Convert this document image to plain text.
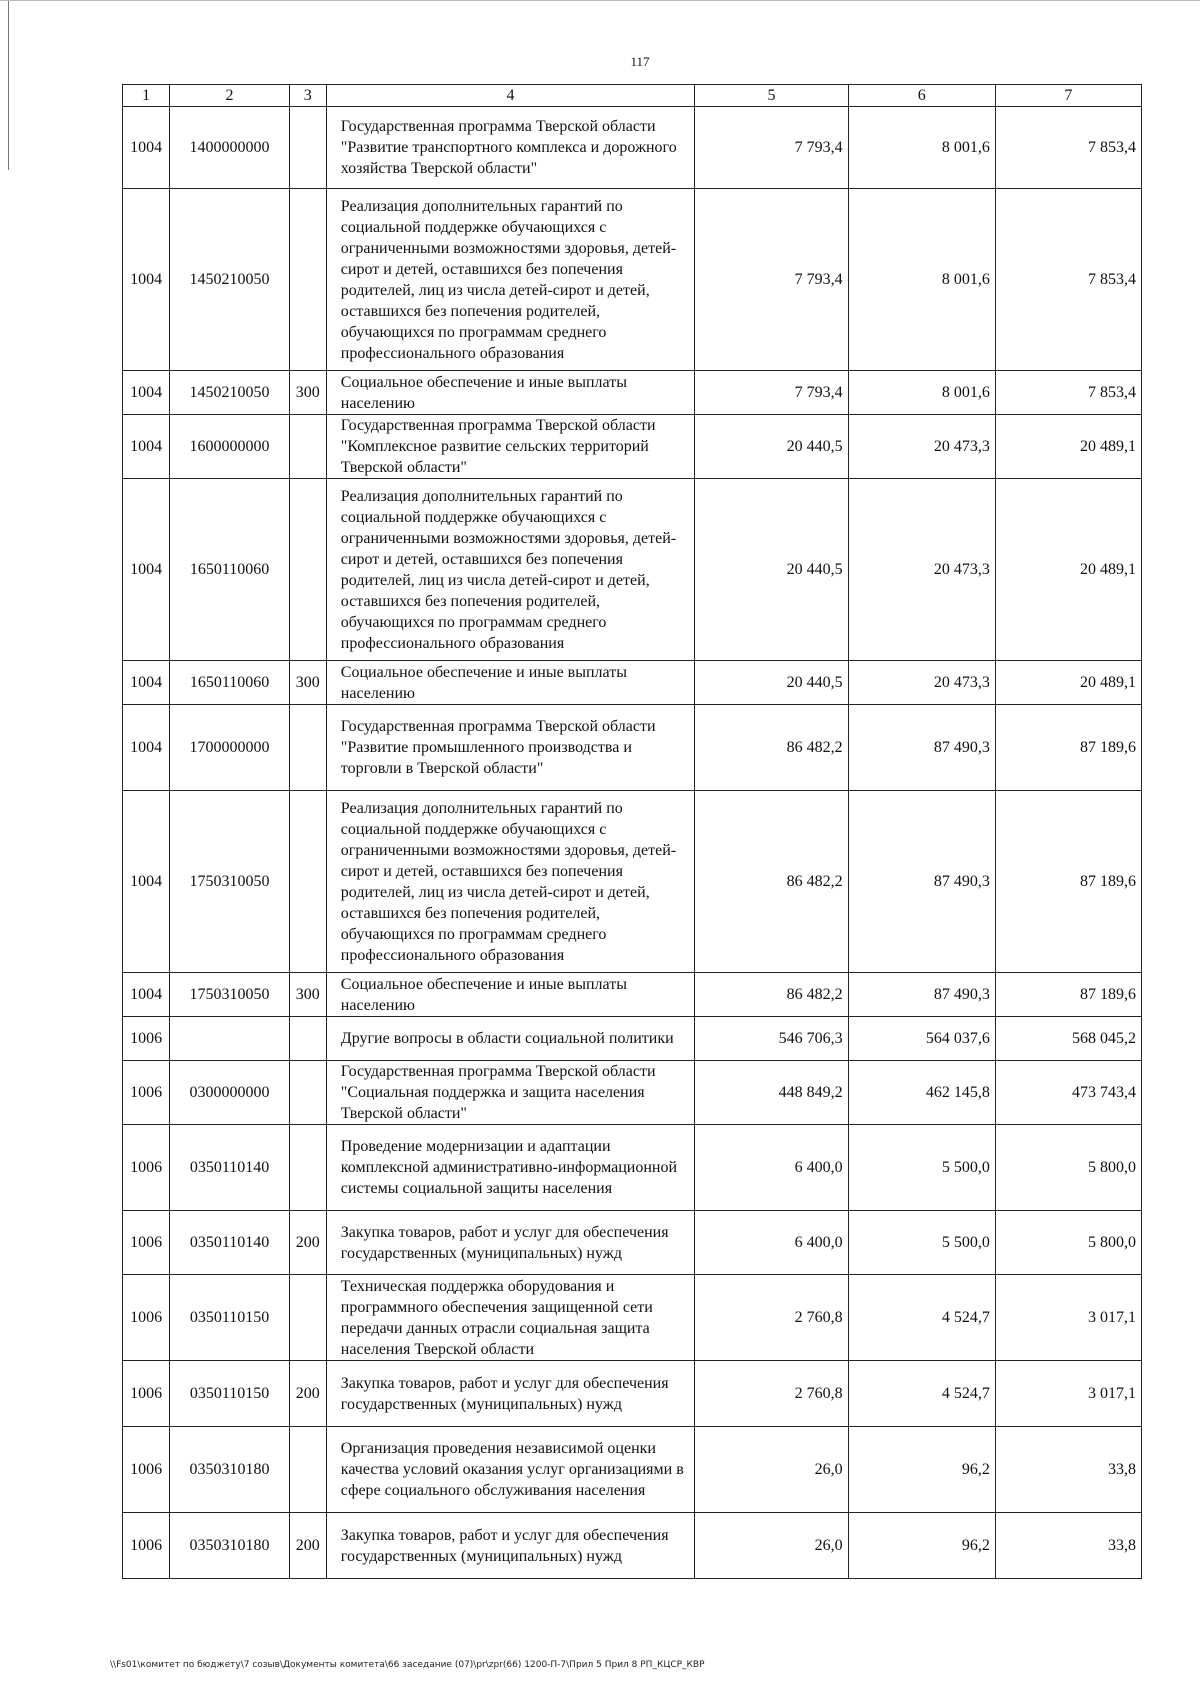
117
1	2	3	4	5	6	7
1004	1400000000		Государственная программа Тверской области "Развитие транспортного комплекса и дорожного хозяйства Тверской области"	7 793,4	8 001,6	7 853,4
1004	1450210050		Реализация дополнительных гарантий по социальной поддержке обучающихся с ограниченными возможностями здоровья, детей-сирот и детей, оставшихся без попечения родителей, лиц из числа детей-сирот и детей, оставшихся без попечения родителей, обучающихся по программам среднего профессионального образования	7 793,4	8 001,6	7 853,4
1004	1450210050	300	Социальное обеспечение и иные выплаты населению	7 793,4	8 001,6	7 853,4
1004	1600000000		Государственная программа Тверской области "Комплексное развитие сельских территорий Тверской области"	20 440,5	20 473,3	20 489,1
1004	1650110060		Реализация дополнительных гарантий по социальной поддержке обучающихся с ограниченными возможностями здоровья, детей-сирот и детей, оставшихся без попечения родителей, лиц из числа детей-сирот и детей, оставшихся без попечения родителей, обучающихся по программам среднего профессионального образования	20 440,5	20 473,3	20 489,1
1004	1650110060	300	Социальное обеспечение и иные выплаты населению	20 440,5	20 473,3	20 489,1
1004	1700000000		Государственная программа Тверской области "Развитие промышленного производства и торговли в Тверской области"	86 482,2	87 490,3	87 189,6
1004	1750310050		Реализация дополнительных гарантий по социальной поддержке обучающихся с ограниченными возможностями здоровья, детей-сирот и детей, оставшихся без попечения родителей, лиц из числа детей-сирот и детей, оставшихся без попечения родителей, обучающихся по программам среднего профессионального образования	86 482,2	87 490,3	87 189,6
1004	1750310050	300	Социальное обеспечение и иные выплаты населению	86 482,2	87 490,3	87 189,6
1006			Другие вопросы в области социальной политики	546 706,3	564 037,6	568 045,2
1006	0300000000		Государственная программа Тверской области "Социальная поддержка и защита населения Тверской области"	448 849,2	462 145,8	473 743,4
1006	0350110140		Проведение модернизации и адаптации комплексной административно-информационной системы социальной защиты населения	6 400,0	5 500,0	5 800,0
1006	0350110140	200	Закупка товаров, работ и услуг для обеспечения государственных (муниципальных) нужд	6 400,0	5 500,0	5 800,0
1006	0350110150		Техническая поддержка оборудования и программного обеспечения защищенной сети передачи данных отрасли социальная защита населения Тверской области	2 760,8	4 524,7	3 017,1
1006	0350110150	200	Закупка товаров, работ и услуг для обеспечения государственных (муниципальных) нужд	2 760,8	4 524,7	3 017,1
1006	0350310180		Организация проведения независимой оценки качества условий оказания услуг организациями в сфере социального обслуживания населения	26,0	96,2	33,8
1006	0350310180	200	Закупка товаров, работ и услуг для обеспечения государственных (муниципальных) нужд	26,0	96,2	33,8
\\Fs01\комитет по бюджету\7 созыв\Документы комитета\66 заседание (07)\pr\zpr(66) 1200-П-7\Прил 5 Прил 8 РП_КЦСР_КВР
